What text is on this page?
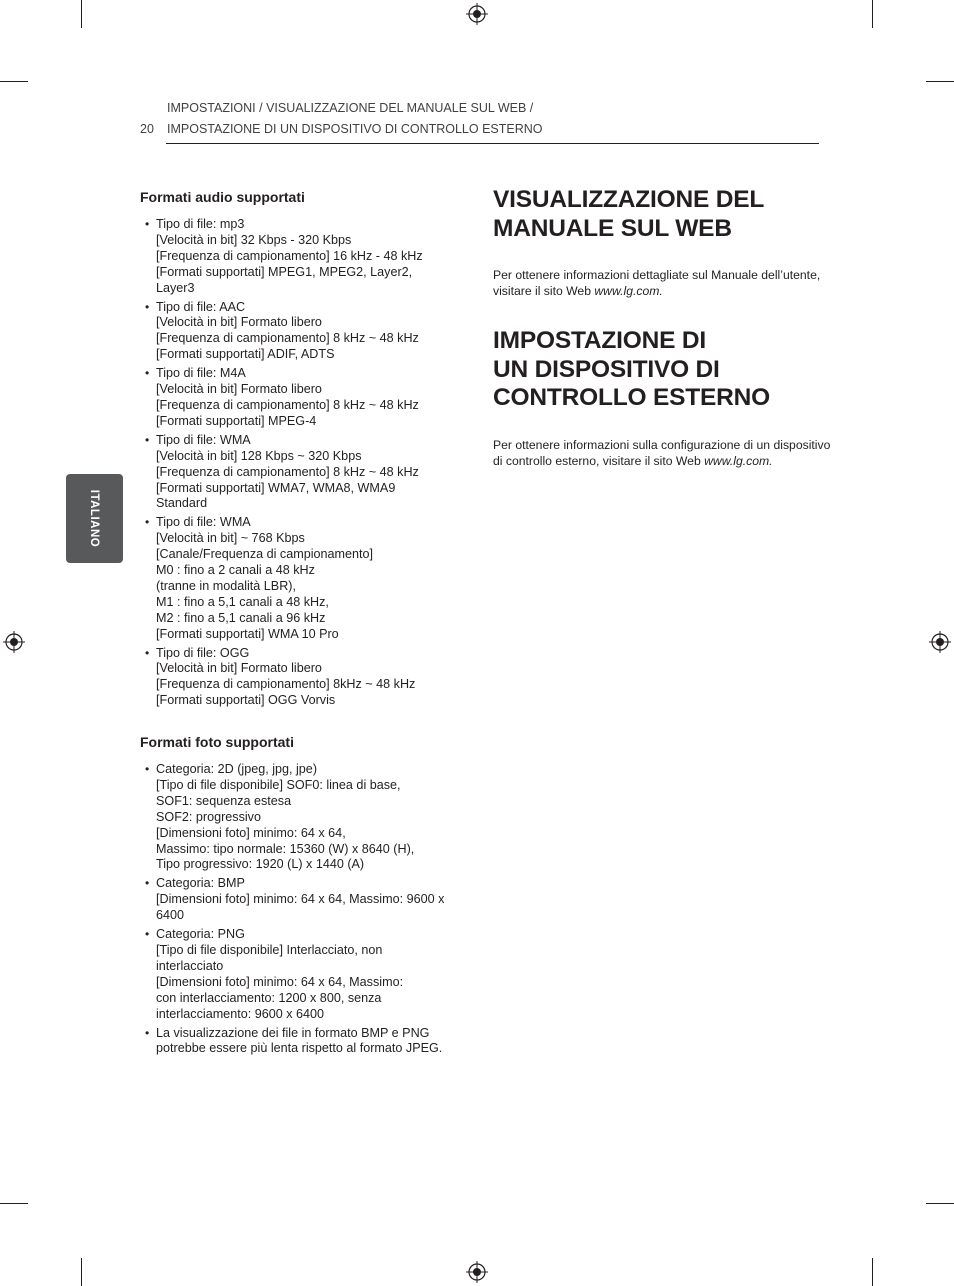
IMPOSTAZIONI / VISUALIZZAZIONE DEL MANUALE SUL WEB /
20 IMPOSTAZIONE DI UN DISPOSITIVO DI CONTROLLO ESTERNO
ITALIANO
Formati audio supportati
• Tipo di file: mp3
[Velocità in bit] 32 Kbps - 320 Kbps
[Frequenza di campionamento] 16 kHz - 48 kHz
[Formati supportati] MPEG1, MPEG2, Layer2,
Layer3
• Tipo di file: AAC
[Velocità in bit] Formato libero
[Frequenza di campionamento] 8 kHz ~ 48 kHz
[Formati supportati] ADIF, ADTS
• Tipo di file: M4A
[Velocità in bit] Formato libero
[Frequenza di campionamento] 8 kHz ~ 48 kHz
[Formati supportati] MPEG-4
• Tipo di file: WMA
[Velocità in bit] 128 Kbps ~ 320 Kbps
[Frequenza di campionamento] 8 kHz ~ 48 kHz
[Formati supportati] WMA7, WMA8, WMA9
Standard
• Tipo di file: WMA
[Velocità in bit] ~ 768 Kbps
[Canale/Frequenza di campionamento]
M0 : fino a 2 canali a 48 kHz
(tranne in modalità LBR),
M1 : fino a 5,1 canali a 48 kHz,
M2 : fino a 5,1 canali a 96 kHz
[Formati supportati] WMA 10 Pro
• Tipo di file: OGG
[Velocità in bit] Formato libero
[Frequenza di campionamento] 8kHz ~ 48 kHz
[Formati supportati] OGG Vorvis
Formati foto supportati
• Categoria: 2D (jpeg, jpg, jpe)
[Tipo di file disponibile] SOF0: linea di base,
SOF1: sequenza estesa
SOF2: progressivo
[Dimensioni foto] minimo: 64 x 64,
Massimo: tipo normale: 15360 (W) x 8640 (H),
Tipo progressivo: 1920 (L) x 1440 (A)
• Categoria: BMP
[Dimensioni foto] minimo: 64 x 64, Massimo: 9600 x
6400
• Categoria: PNG
[Tipo di file disponibile] Interlacciato, non
interlacciato
[Dimensioni foto] minimo: 64 x 64, Massimo:
con interlacciamento: 1200 x 800, senza
interlacciamento: 9600 x 6400
• La visualizzazione dei file in formato BMP e PNG
potrebbe essere più lenta rispetto al formato JPEG.
VISUALIZZAZIONE DEL
MANUALE SUL WEB
Per ottenere informazioni dettagliate sul Manuale dell’utente,
visitare il sito Web www.lg.com.
IMPOSTAZIONE DI
UN DISPOSITIVO DI
CONTROLLO ESTERNO
Per ottenere informazioni sulla configurazione di un dispositivo
di controllo esterno, visitare il sito Web www.lg.com.
